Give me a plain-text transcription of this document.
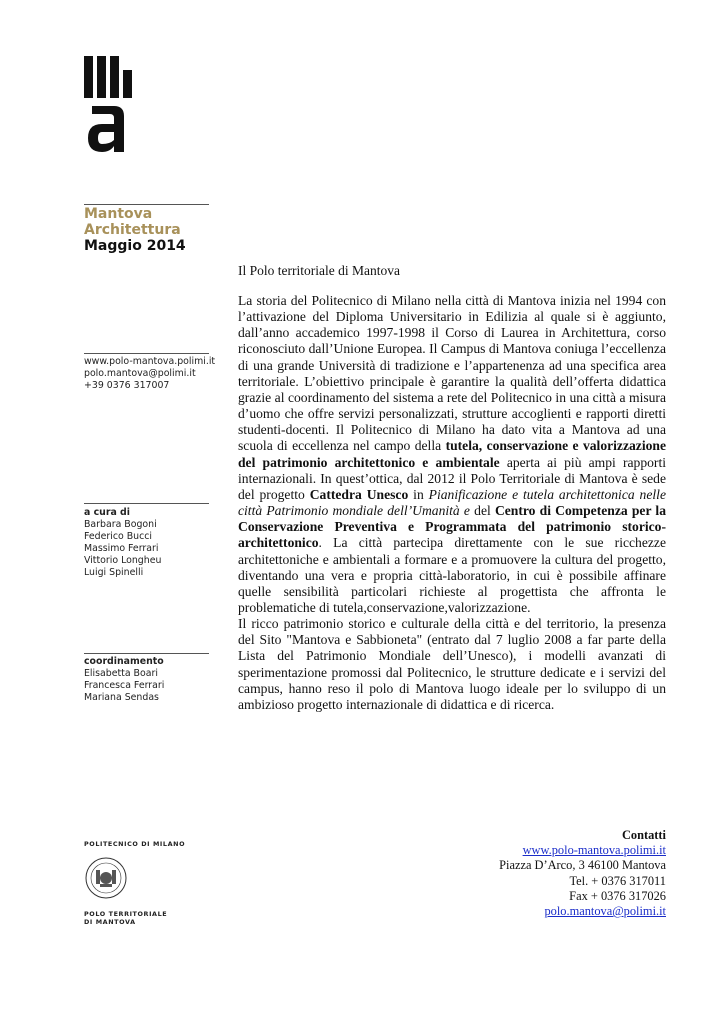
Mantova
Architettura
Maggio 2014
www.polo-mantova.polimi.it
polo.mantova@polimi.it
+39 0376 317007
a cura di
Barbara Bogoni
Federico Bucci
Massimo Ferrari
Vittorio Longheu
Luigi Spinelli
coordinamento
Elisabetta Boari
Francesca Ferrari
Mariana Sendas
Il Polo territoriale di Mantova
La storia del Politecnico di Milano nella città di Mantova inizia nel 1994 con l’attivazione del Diploma Universitario in Edilizia al quale si è aggiunto, dall’anno accademico 1997-1998 il Corso di Laurea in Architettura, corso riconosciuto dall’Unione Europea. Il Campus di Mantova coniuga l’eccellenza di una grande Università di tradizione e l’appartenenza ad una specifica area territoriale. L’obiettivo principale è garantire la qualità dell’offerta didattica grazie al coordinamento del sistema a rete del Politecnico in una città a misura d’uomo che offre servizi personalizzati, strutture accoglienti e rapporti diretti studenti-docenti. Il Politecnico di Milano ha dato vita a Mantova ad una scuola di eccellenza nel campo della tutela, conservazione e valorizzazione del patrimonio architettonico e ambientale aperta ai più ampi rapporti internazionali. In quest’ottica, dal 2012 il Polo Territoriale di Mantova è sede del progetto Cattedra Unesco in Pianificazione e tutela architettonica nelle città Patrimonio mondiale dell’Umanità e del Centro di Competenza per la Conservazione Preventiva e Programmata del patrimonio storico-architettonico. La città partecipa direttamente con le sue ricchezze architettoniche e ambientali a formare e a promuovere la cultura del progetto, diventando una vera e propria città-laboratorio, in cui è possibile affinare quelle sensibilità particolari richieste al progettista che affronta le problematiche di tutela,conservazione,valorizzazione.
Il ricco patrimonio storico e culturale della città e del territorio, la presenza del Sito "Mantova e Sabbioneta" (entrato dal 7 luglio 2008 a far parte della Lista del Patrimonio Mondiale dell’Unesco), i modelli avanzati di sperimentazione promossi dal Politecnico, le strutture dedicate e i servizi del campus, hanno reso il polo di Mantova luogo ideale per lo sviluppo di un ambizioso progetto internazionale di didattica e di ricerca.
Contatti
www.polo-mantova.polimi.it
Piazza D’Arco, 3 46100 Mantova
Tel. + 0376 317011
Fax + 0376 317026
polo.mantova@polimi.it
POLITECNICO DI MILANO
POLO TERRITORIALE
DI MANTOVA
